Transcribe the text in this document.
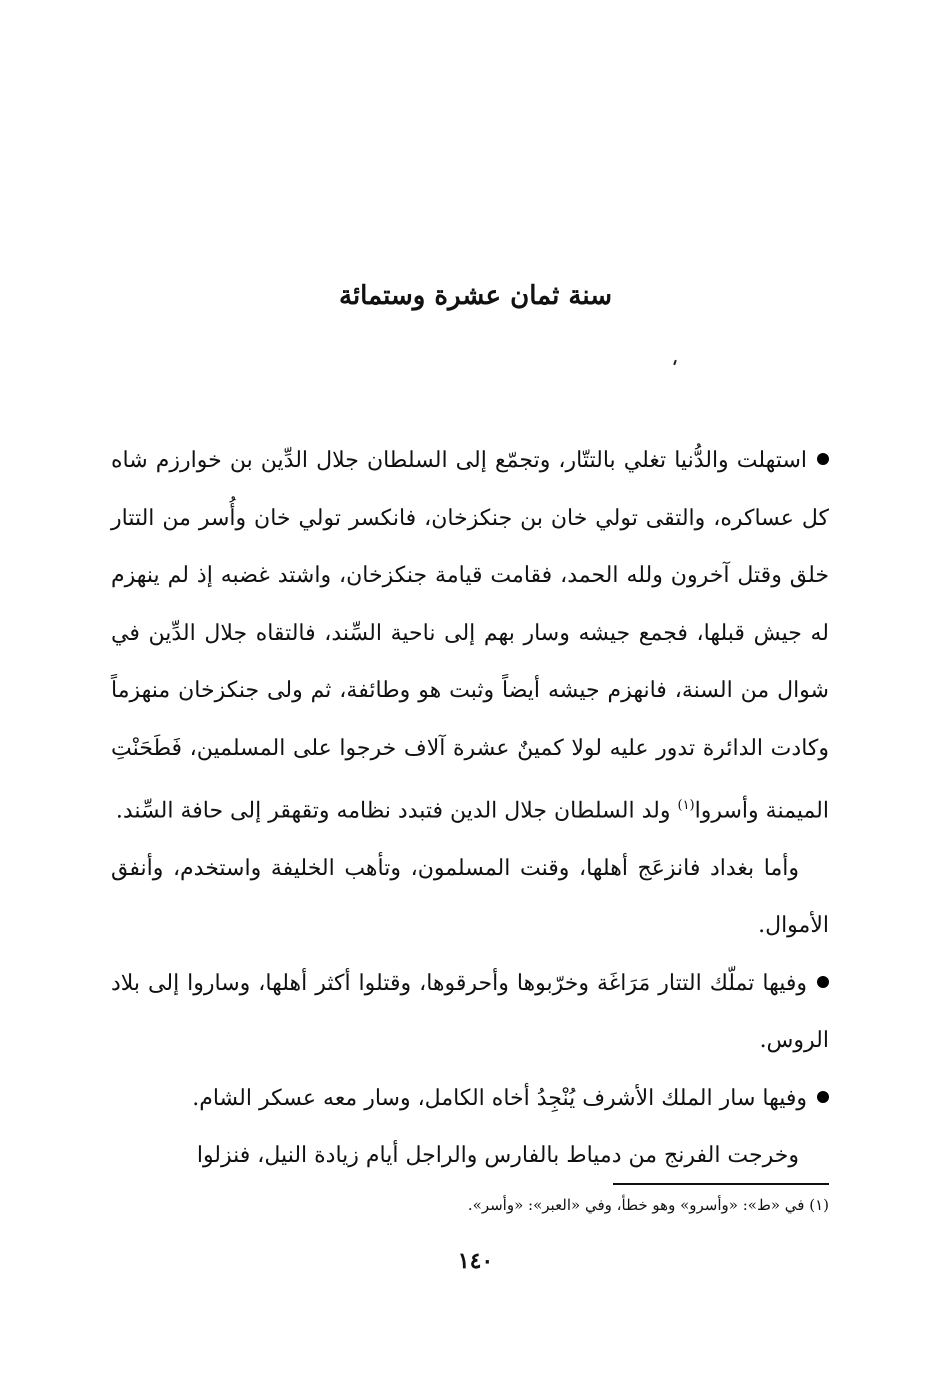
سنة ثمان عشرة وستمائة

استهلت والدُّنيا تغلي بالتتّار، وتجمّع إلى السلطان جلال الدِّين بن خوارزم شاه كل عساكره، والتقى تولي خان بن جنكزخان، فانكسر تولي خان وأُسر من التتار خلق وقتل آخرون ولله الحمد، فقامت قيامة جنكزخان، واشتد غضبه إذ لم ينهزم له جيش قبلها، فجمع جيشه وسار بهم إلى ناحية السِّند، فالتقاه جلال الدِّين في شوال من السنة، فانهزم جيشه أيضاً وثبت هو وطائفة، ثم ولى جنكزخان منهزماً وكادت الدائرة تدور عليه لولا كمينٌ عشرة آلاف خرجوا على المسلمين، فَطَحَنْتِ الميمنة وأسروا$^{(١)}$ ولد السلطان جلال الدين فتبدد نظامه وتقهقر إلى حافة السِّند.

وأما بغداد فانزعَج أهلها، وقنت المسلمون، وتأهب الخليفة واستخدم، وأنفق الأموال.

وفيها تملّك التتار مَرَاغَة وخرّبوها وأحرقوها، وقتلوا أكثر أهلها، وساروا إلى بلاد الروس.

وفيها سار الملك الأشرف يُنْجِدُ أخاه الكامل، وسار معه عسكر الشام.

وخرجت الفرنج من دمياط بالفارس والراجل أيام زيادة النيل، فنزلوا

(١) في «ط»: «وأسرو» وهو خطأ، وفي «العبر»: «وأسر».
١٤٠
